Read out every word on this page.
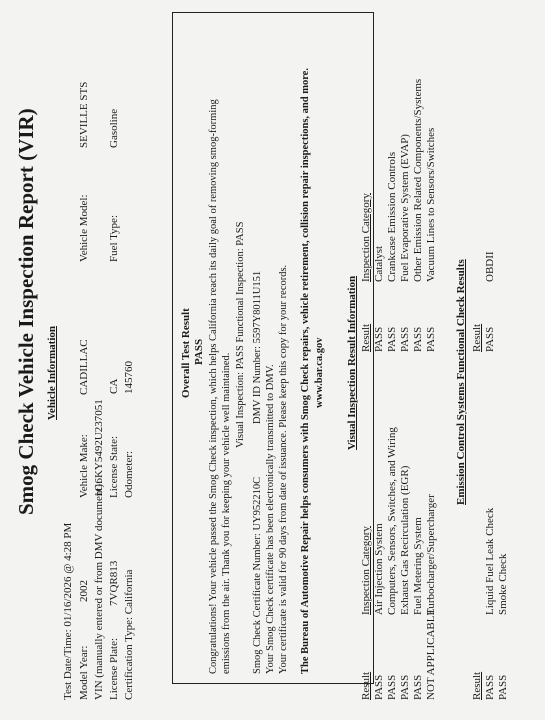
Smog Check Vehicle Inspection Report (VIR) Vehicle Information
Test Date/Time: 01/16/2026 @ 4:28 PM Model Year:
2002 VIN (manually entered or from DMV document):
1G6KY5492U237051
License Plate:
7VQR813 Certification Type: California
Vehicle Make:
CADILLAC
License State:
CA
Odometer:
145760
Vehicle Model:
SEVILLE STS
Fuel Type:
Gasoline
Overall Test Result PASS Congratulations! Your vehicle passed the Smog Check inspection, which helps California reach its daily goal of removing smog-forming emissions from the air. Thank you for keeping your vehicle well maintained.
Visual Inspection: PASS Functional Inspection: PASS
Smog Check Certificate Number: UY952210C
DMV ID Number: 5597Y8011U151
Your Smog Check certificate has been electronically transmitted to DMV. Your certificate is valid for 90 days from date of issuance. Please keep this copy for your records. The Bureau of Automotive Repair helps consumers with Smog Check repairs, vehicle retirement, collision repair inspections, and more. www.bar.ca.gov Visual Inspection Result Information
Result
Inspection Category
Result
Inspection Category
PASS
Air Injection System
PASS
Computers, Sensors, Switches, and Wiring
PASS
Exhaust Gas Recirculation (EGR)
PASS
Fuel Metering System
NOT APPLICABLE
Turbocharger/Supercharger
PASS
Catalyst
PASS
Crankcase Emission Controls
PASS
Fuel Evaporative System (EVAP)
PASS
Other Emission Related Components/Systems
PASS
Vacuum Lines to Sensors/Switches
Emission Control Systems Functional Check Results
Result
Result
PASS
Liquid Fuel Leak Check
PASS
Smoke Check
PASS
OBDII
